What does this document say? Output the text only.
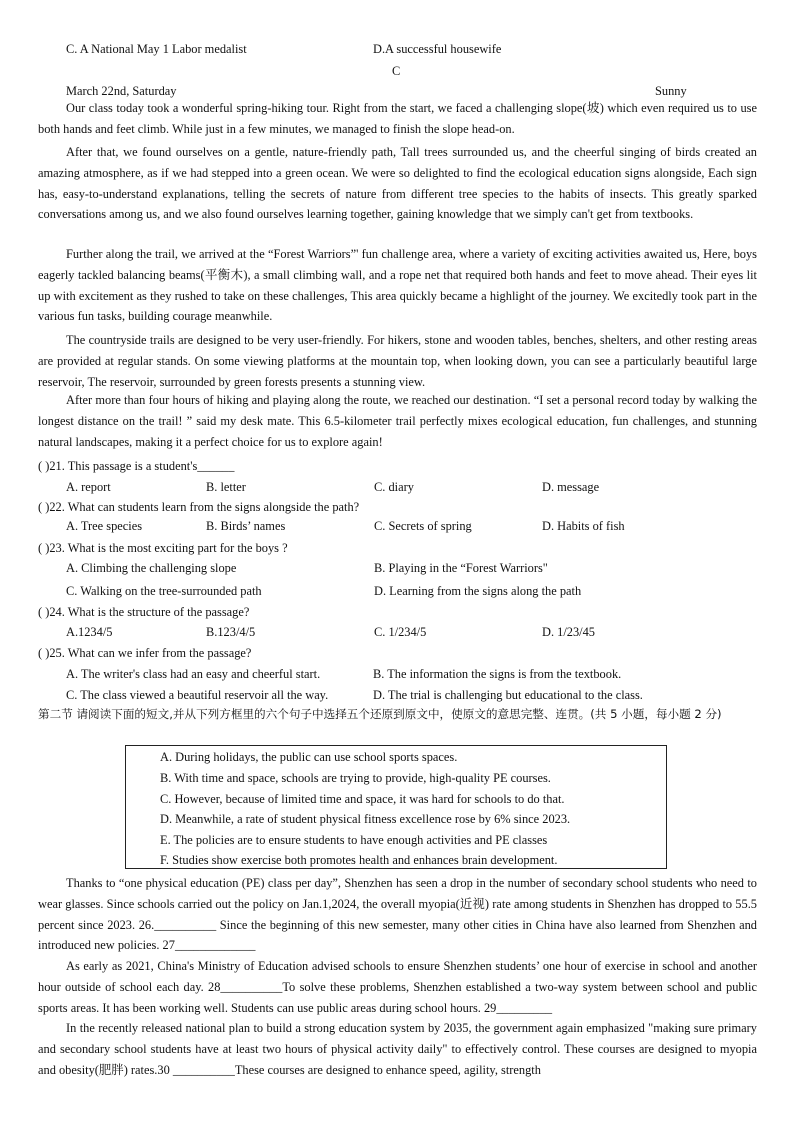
C. A National May 1 Labor medalist	D.A successful housewife
C
March 22nd, Saturday	Sunny

Our class today took a wonderful spring-hiking tour. Right from the start, we faced a challenging slope(坡) which even required us to use both hands and feet climb. While just in a few minutes, we managed to finish the slope head-on.

After that, we found ourselves on a gentle, nature-friendly path, Tall trees surrounded us, and the cheerful singing of birds created an amazing atmosphere, as if we had stepped into a green ocean. We were so delighted to find the ecological education signs alongside, Each sign has, easy-to-understand explanations, telling the secrets of nature from different tree species to the habits of insects. This greatly sparked conversations among us, and we also found ourselves learning together, gaining knowledge that we simply can't get from textbooks.

Further along the trail, we arrived at the “Forest Warriors”' fun challenge area, where a variety of exciting activities awaited us, Here, boys eagerly tackled balancing beams(平衡木), a small climbing wall, and a rope net that required both hands and feet to move ahead. Their eyes lit up with excitement as they rushed to take on these challenges, This area quickly became a highlight of the journey. We excitedly took part in the various fun tasks, building courage meanwhile.

The countryside trails are designed to be very user-friendly. For hikers, stone and wooden tables, benches, shelters, and other resting areas are provided at regular stands. On some viewing platforms at the mountain top, when looking down, you can see a particularly beautiful large reservoir, The reservoir, surrounded by green forests presents a stunning view.

After more than four hours of hiking and playing along the route, we reached our destination. “I set a personal record today by walking the longest distance on the trail! ” said my desk mate. This 6.5-kilometer trail perfectly mixes ecological education, fun challenges, and stunning natural landscapes, making it a perfect choice for us to explore again!

( )21. This passage is a student's______
A. report	B. letter	C. diary	D. message
( )22. What can students learn from the signs alongside the path?
A. Tree species	B. Birds’ names	C. Secrets of spring	D. Habits of fish
( )23. What is the most exciting part for the boys ?
A. Climbing the challenging slope	B. Playing in the “Forest Warriors"
C. Walking on the tree-surrounded path	D. Learning from the signs along the path
( )24. What is the structure of the passage?
A.1234/5	B.123/4/5	C. 1/234/5	D. 1/23/45
( )25. What can we infer from the passage?
A. The writer's class had an easy and cheerful start.	B. The information the signs is from the textbook.
C. The class viewed a beautiful reservoir all the way.	D. The trial is challenging but educational to the class.

第二节 请阅读下面的短文,并从下列方框里的六个句子中选择五个还原到原文中，使原文的意思完整、连贯。(共 5 小题，每小题 2 分)

A. During holidays, the public can use school sports spaces.
B. With time and space, schools are trying to provide, high-quality PE courses.
C. However, because of limited time and space, it was hard for schools to do that.
D. Meanwhile, a rate of student physical fitness excellence rose by 6% since 2023.
E. The policies are to ensure students to have enough activities and PE classes
F. Studies show exercise both promotes health and enhances brain development.

Thanks to “one physical education (PE) class per day”, Shenzhen has seen a drop in the number of secondary school students who need to wear glasses. Since schools carried out the policy on Jan.1,2024, the overall myopia(近视) rate among students in Shenzhen has dropped to 55.5 percent since 2023. 26.__________ Since the beginning of this new semester, many other cities in China have also learned from Shenzhen and introduced new policies. 27_____________

As early as 2021, China's Ministry of Education advised schools to ensure Shenzhen students’ one hour of exercise in school and another hour outside of school each day. 28__________To solve these problems, Shenzhen established a two-way system between school and public sports areas. It has been working well. Students can use public areas during school hours. 29_________

In the recently released national plan to build a strong education system by 2035, the government again emphasized "making sure primary and secondary school students have at least two hours of physical activity daily" to effectively control. These courses are designed to myopia and obesity(肥胖) rates.30 __________These courses are designed to enhance speed, agility, strength
